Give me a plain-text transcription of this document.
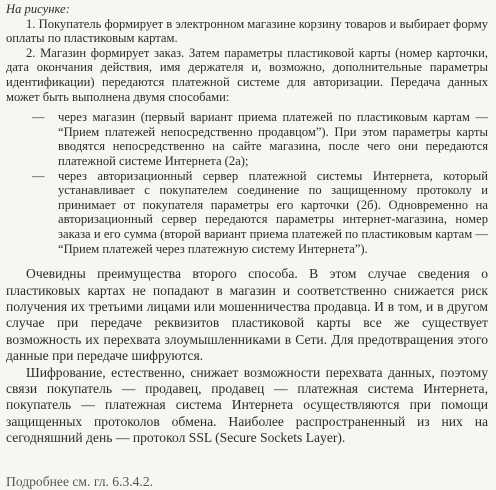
На рисунке:

1. Покупатель формирует в электронном магазине корзину товаров и выбирает форму оплаты по пластиковым картам.

2. Магазин формирует заказ. Затем параметры пластиковой карты (номер карточки, дата окончания действия, имя держателя и, возможно, дополнительные параметры идентификации) передаются платежной системе для авторизации. Передача данных может быть выполнена двумя способами:

— через магазин (первый вариант приема платежей по пластиковым картам — “Прием платежей непосредственно продавцом”). При этом параметры карты вводятся непосредственно на сайте магазина, после чего они передаются платежной системе Интернета (2а);
— через авторизационный сервер платежной системы Интернета, который устанавливает с покупателем соединение по защищенному протоколу и принимает от покупателя параметры его карточки (2б). Одновременно на авторизационный сервер передаются параметры интернет-магазина, номер заказа и его сумма (второй вариант приема платежей по пластиковым картам — “Прием платежей через платежную систему Интернета”).

Очевидны преимущества второго способа. В этом случае сведения о пластиковых картах не попадают в магазин и соответственно снижается риск получения их третьими лицами или мошенничества продавца. И в том, и в другом случае при передаче реквизитов пластиковой карты все же существует возможность их перехвата злоумышленниками в Сети. Для предотвращения этого данные при передаче шифруются.

Шифрование, естественно, снижает возможности перехвата данных, поэтому связи покупатель — продавец, продавец — платежная система Интернета, покупатель — платежная система Интернета осуществляются при помощи защищенных протоколов обмена. Наиболее распространенный из них на сегодняшний день — протокол SSL (Secure Sockets Layer).

Подробнее см. гл. 6.3.4.2.
